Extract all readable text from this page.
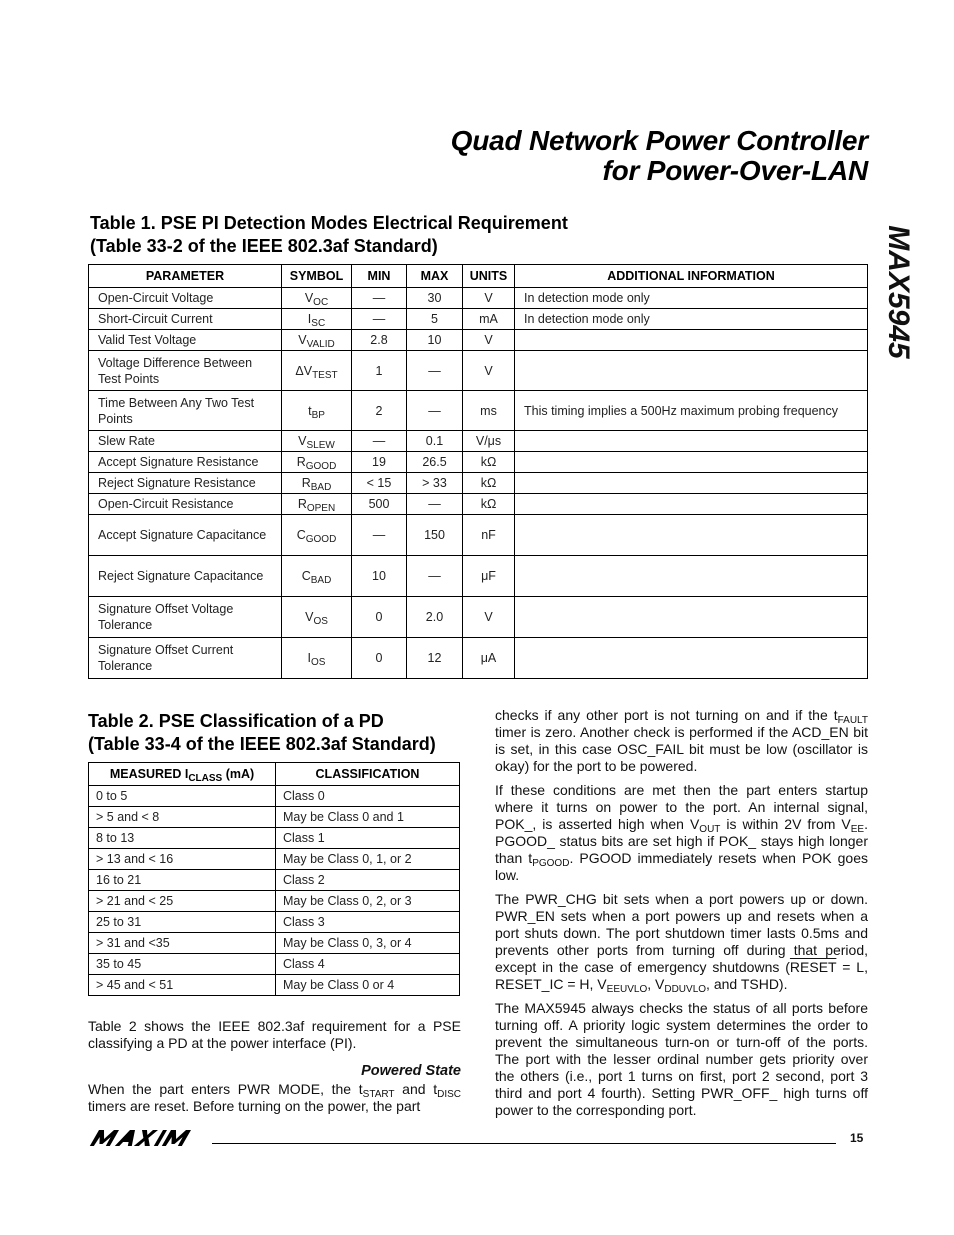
Quad Network Power Controller
for Power-Over-LAN
MAX5945
Table 1. PSE PI Detection Modes Electrical Requirement
(Table 33-2 of the IEEE 802.3af Standard)
PARAMETER	SYMBOL	MIN	MAX	UNITS	ADDITIONAL INFORMATION
Open-Circuit Voltage	$V_{OC}$	—	30	V	In detection mode only
Short-Circuit Current	$I_{SC}$	—	5	mA	In detection mode only
Valid Test Voltage	$V_{VALID}$	2.8	10	V	
Voltage Difference Between Test Points	$\Delta V_{TEST}$	1	—	V	
Time Between Any Two Test Points	$t_{BP}$	2	—	ms	This timing implies a 500Hz maximum probing frequency
Slew Rate	$V_{SLEW}$	—	0.1	V/μs	
Accept Signature Resistance	$R_{GOOD}$	19	26.5	kΩ	
Reject Signature Resistance	$R_{BAD}$	< 15	> 33	kΩ	
Open-Circuit Resistance	$R_{OPEN}$	500	—	kΩ	
Accept Signature Capacitance	$C_{GOOD}$	—	150	nF	
Reject Signature Capacitance	$C_{BAD}$	10	—	μF	
Signature Offset Voltage Tolerance	$V_{OS}$	0	2.0	V	
Signature Offset Current Tolerance	$I_{OS}$	0	12	μA	
Table 2. PSE Classification of a PD
(Table 33-4 of the IEEE 802.3af Standard)
MEASURED $I_{CLASS}$ (mA)	CLASSIFICATION
0 to 5	Class 0
> 5 and < 8	May be Class 0 and 1
8 to 13	Class 1
> 13 and < 16	May be Class 0, 1, or 2
16 to 21	Class 2
> 21 and < 25	May be Class 0, 2, or 3
25 to 31	Class 3
> 31 and <35	May be Class 0, 3, or 4
35 to 45	Class 4
> 45 and < 51	May be Class 0 or 4

Table 2 shows the IEEE 802.3af requirement for a PSE classifying a PD at the power interface (PI).

Powered State

When the part enters PWR MODE, the $t_{START}$ and $t_{DISC}$ timers are reset. Before turning on the power, the part

checks if any other port is not turning on and if the $t_{FAULT}$ timer is zero. Another check is performed if the ACD_EN bit is set, in this case OSC_FAIL bit must be low (oscillator is okay) for the port to be powered.

If these conditions are met then the part enters startup where it turns on power to the port. An internal signal, POK_, is asserted high when $V_{OUT}$ is within 2V from $V_{EE}$. PGOOD_ status bits are set high if POK_ stays high longer than $t_{PGOOD}$. PGOOD immediately resets when POK goes low.

The PWR_CHG bit sets when a port powers up or down. PWR_EN sets when a port powers up and resets when a port shuts down. The port shutdown timer lasts 0.5ms and prevents other ports from turning off during that period, except in the case of emergency shutdowns (RESET = L, RESET_IC = H, $V_{EEUVLO}$, $V_{DDUVLO}$, and TSHD).

The MAX5945 always checks the status of all ports before turning off. A priority logic system determines the order to prevent the simultaneous turn-on or turn-off of the ports. The port with the lesser ordinal number gets priority over the others (i.e., port 1 turns on first, port 2 second, port 3 third and port 4 fourth). Setting PWR_OFF_ high turns off power to the corresponding port.

15
